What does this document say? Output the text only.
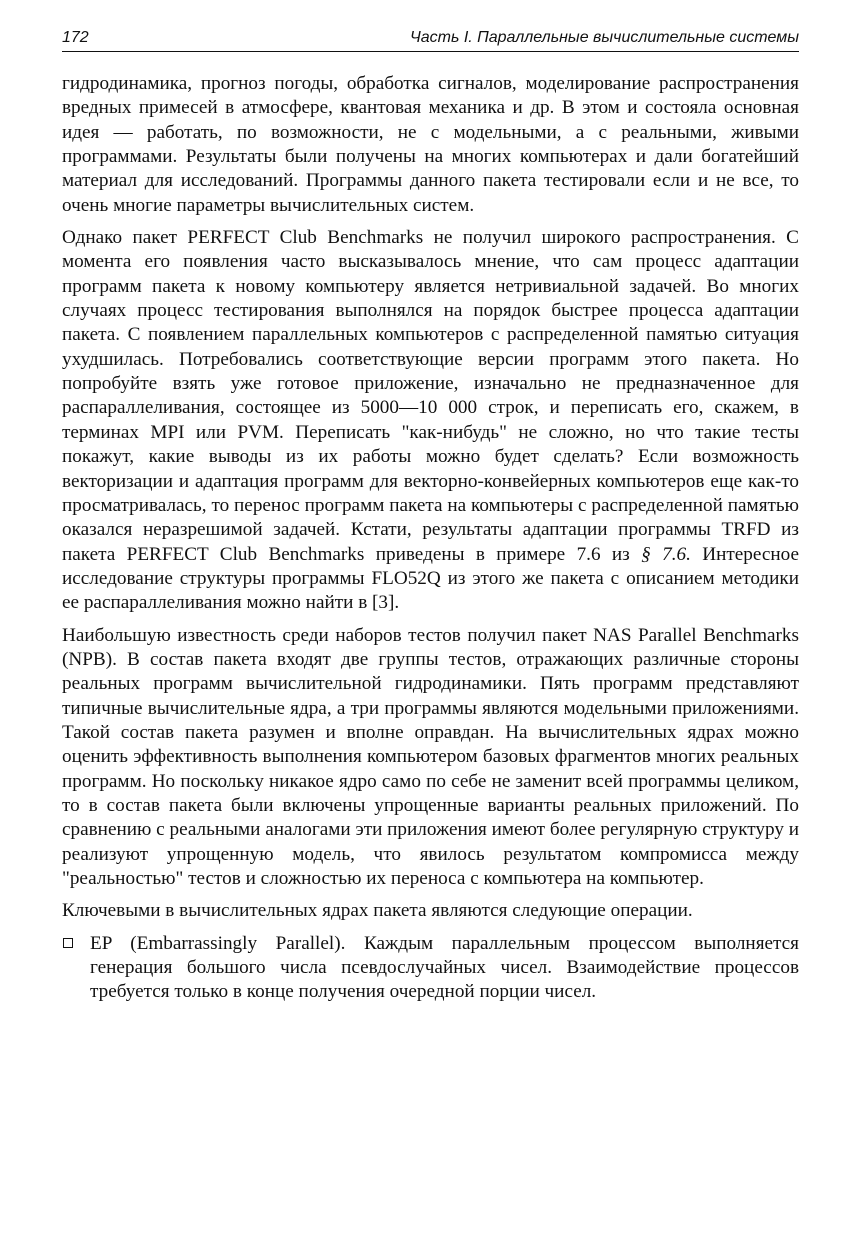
172	Часть I. Параллельные вычислительные системы

гидродинамика, прогноз погоды, обработка сигналов, моделирование распространения вредных примесей в атмосфере, квантовая механика и др. В этом и состояла основная идея — работать, по возможности, не с модельными, а с реальными, живыми программами. Результаты были получены на многих компьютерах и дали богатейший материал для исследований. Программы данного пакета тестировали если и не все, то очень многие параметры вычислительных систем.

Однако пакет PERFECT Club Benchmarks не получил широкого распространения. С момента его появления часто высказывалось мнение, что сам процесс адаптации программ пакета к новому компьютеру является нетривиальной задачей. Во многих случаях процесс тестирования выполнялся на порядок быстрее процесса адаптации пакета. С появлением параллельных компьютеров с распределенной памятью ситуация ухудшилась. Потребовались соответствующие версии программ этого пакета. Но попробуйте взять уже готовое приложение, изначально не предназначенное для распараллеливания, состоящее из 5000—10 000 строк, и переписать его, скажем, в терминах MPI или PVM. Переписать "как-нибудь" не сложно, но что такие тесты покажут, какие выводы из их работы можно будет сделать? Если возможность векторизации и адаптация программ для векторно-конвейерных компьютеров еще как-то просматривалась, то перенос программ пакета на компьютеры с распределенной памятью оказался неразрешимой задачей. Кстати, результаты адаптации программы TRFD из пакета PERFECT Club Benchmarks приведены в примере 7.6 из § 7.6. Интересное исследование структуры программы FLO52Q из этого же пакета с описанием методики ее распараллеливания можно найти в [3].

Наибольшую известность среди наборов тестов получил пакет NAS Parallel Benchmarks (NPB). В состав пакета входят две группы тестов, отражающих различные стороны реальных программ вычислительной гидродинамики. Пять программ представляют типичные вычислительные ядра, а три программы являются модельными приложениями. Такой состав пакета разумен и вполне оправдан. На вычислительных ядрах можно оценить эффективность выполнения компьютером базовых фрагментов многих реальных программ. Но поскольку никакое ядро само по себе не заменит всей программы целиком, то в состав пакета были включены упрощенные варианты реальных приложений. По сравнению с реальными аналогами эти приложения имеют более регулярную структуру и реализуют упрощенную модель, что явилось результатом компромисса между "реальностью" тестов и сложностью их переноса с компьютера на компьютер.

Ключевыми в вычислительных ядрах пакета являются следующие операции.

EP (Embarrassingly Parallel). Каждым параллельным процессом выполняется генерация большого числа псевдослучайных чисел. Взаимодействие процессов требуется только в конце получения очередной порции чисел.
